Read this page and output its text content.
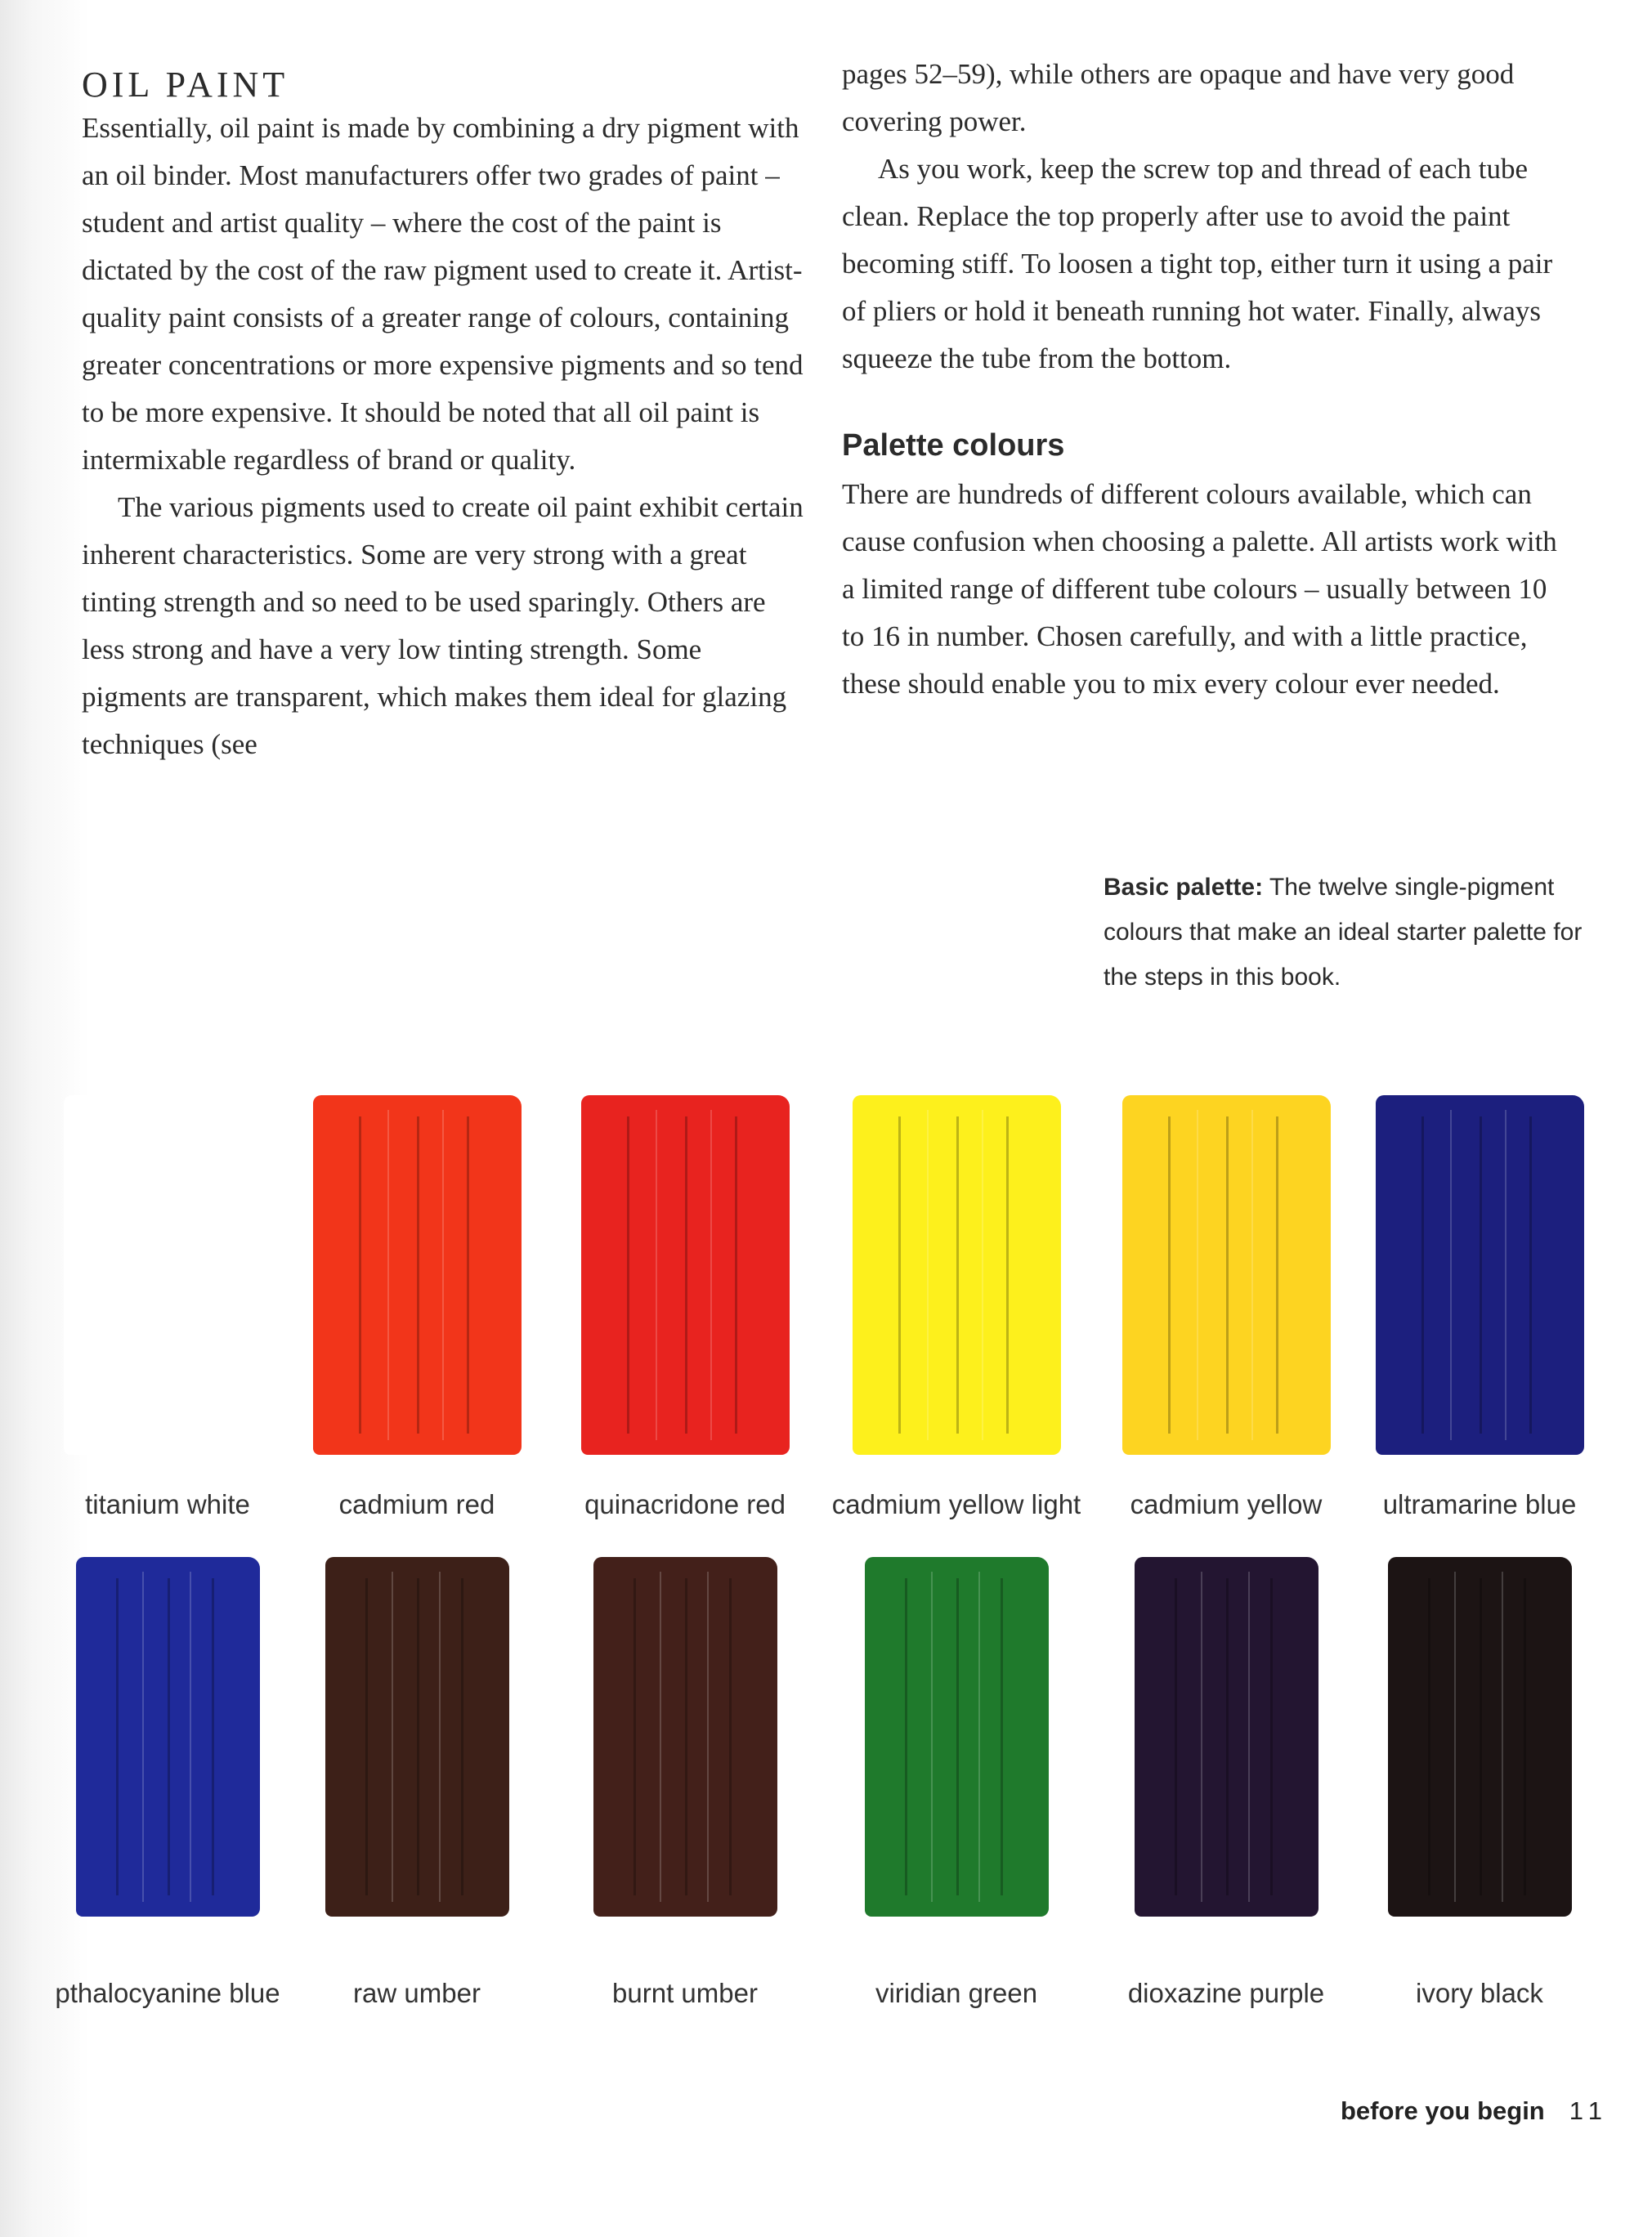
OIL PAINT

Essentially, oil paint is made by combining a dry pigment with an oil binder. Most manufacturers offer two grades of paint – student and artist quality – where the cost of the paint is dictated by the cost of the raw pigment used to create it. Artist-quality paint consists of a greater range of colours, containing greater concentrations or more expensive pigments and so tend to be more expensive. It should be noted that all oil paint is intermixable regardless of brand or quality.

The various pigments used to create oil paint exhibit certain inherent characteristics. Some are very strong with a great tinting strength and so need to be used sparingly. Others are less strong and have a very low tinting strength. Some pigments are transparent, which makes them ideal for glazing techniques (see

pages 52–59), while others are opaque and have very good covering power.

As you work, keep the screw top and thread of each tube clean. Replace the top properly after use to avoid the paint becoming stiff. To loosen a tight top, either turn it using a pair of pliers or hold it beneath running hot water. Finally, always squeeze the tube from the bottom.

Palette colours

There are hundreds of different colours available, which can cause confusion when choosing a palette. All artists work with a limited range of different tube colours – usually between 10 to 16 in number. Chosen carefully, and with a little practice, these should enable you to mix every colour ever needed.

Basic palette: The twelve single-pigment colours that make an ideal starter palette for the steps in this book.
titanium white	cadmium red	quinacridone red cadmium yellow light cadmium yellow ultramarine blue
pthalocyanine blue	raw umber	burnt umber	viridian green	dioxazine purple	ivory black
before you begin 11
